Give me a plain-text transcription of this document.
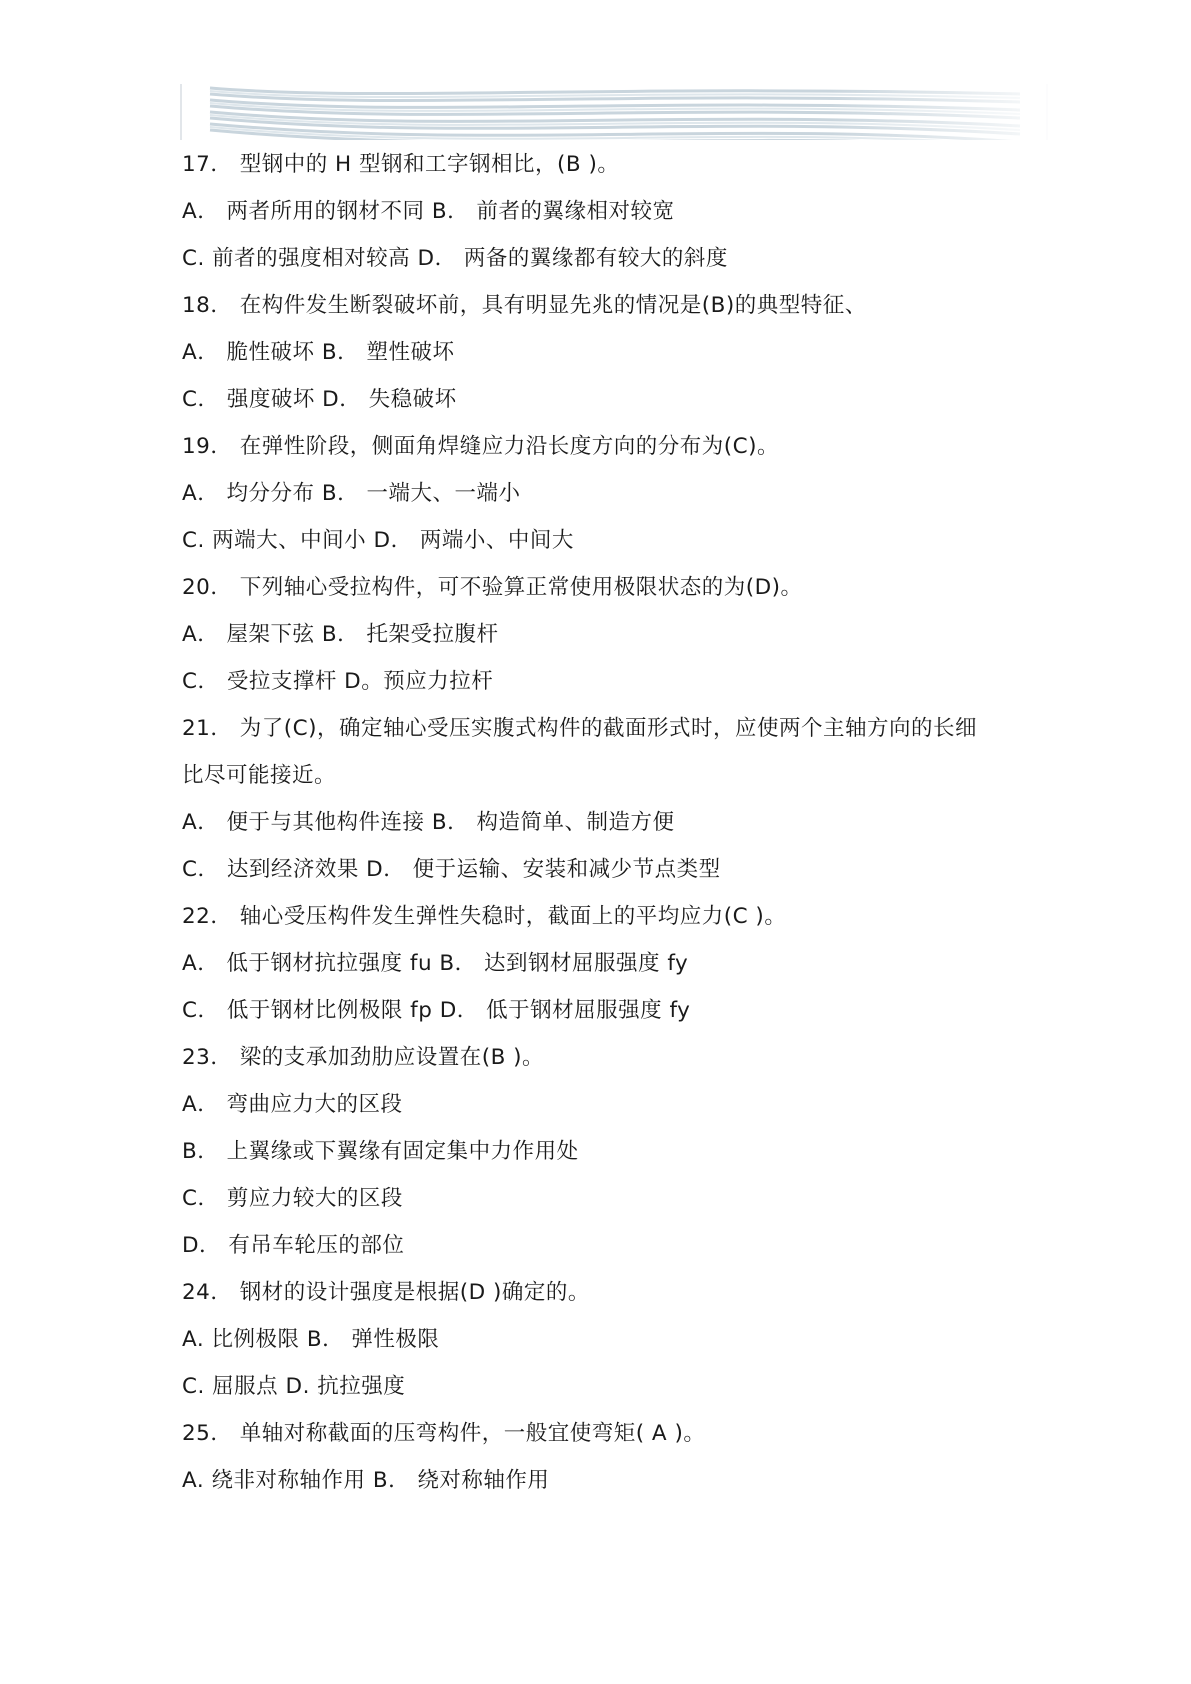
17． 型钢中的 H 型钢和工字钢相比，(B )。
A． 两者所用的钢材不同 B． 前者的翼缘相对较宽
C. 前者的强度相对较高 D． 两备的翼缘都有较大的斜度
18． 在构件发生断裂破坏前，具有明显先兆的情况是(B)的典型特征、
A． 脆性破坏 B． 塑性破坏
C． 强度破坏 D． 失稳破坏
19． 在弹性阶段，侧面角焊缝应力沿长度方向的分布为(C)。
A． 均分分布 B． 一端大、一端小
C. 两端大、中间小 D． 两端小、中间大
20． 下列轴心受拉构件，可不验算正常使用极限状态的为(D)。
A． 屋架下弦 B． 托架受拉腹杆
C． 受拉支撑杆 D。预应力拉杆
21． 为了(C)，确定轴心受压实腹式构件的截面形式时，应使两个主轴方向的长细
比尽可能接近。
A． 便于与其他构件连接 B． 构造简单、制造方便
C． 达到经济效果 D． 便于运输、安装和减少节点类型
22． 轴心受压构件发生弹性失稳时，截面上的平均应力(C )。
A． 低于钢材抗拉强度 fu B． 达到钢材屈服强度 fy
C． 低于钢材比例极限 fp D． 低于钢材屈服强度 fy
23． 梁的支承加劲肋应设置在(B )。
A． 弯曲应力大的区段
B． 上翼缘或下翼缘有固定集中力作用处
C． 剪应力较大的区段
D． 有吊车轮压的部位
24． 钢材的设计强度是根据(D )确定的。
A. 比例极限 B． 弹性极限
C. 屈服点 D. 抗拉强度
25． 单轴对称截面的压弯构件，一般宜使弯矩( A )。
A. 绕非对称轴作用 B． 绕对称轴作用
